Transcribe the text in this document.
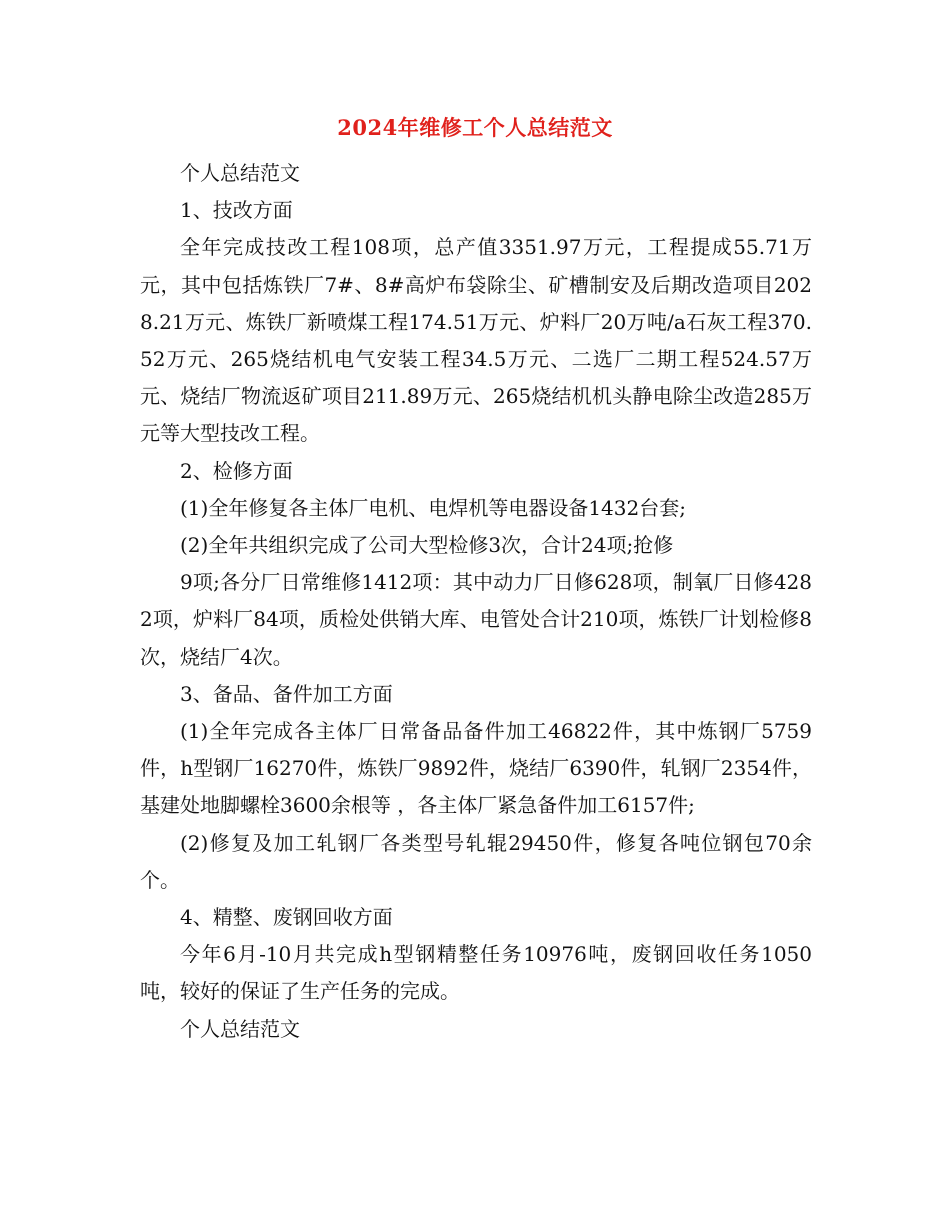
2024年维修工个人总结范文

个人总结范文

1、技改方面

全年完成技改工程108项，总产值3351.97万元，工程提成55.71万元，其中包括炼铁厂7#、8#高炉布袋除尘、矿槽制安及后期改造项目2028.21万元、炼铁厂新喷煤工程174.51万元、炉料厂20万吨/a石灰工程370.52万元、265烧结机电气安装工程34.5万元、二选厂二期工程524.57万元、烧结厂物流返矿项目211.89万元、265烧结机机头静电除尘改造285万元等大型技改工程。

2、检修方面

(1)全年修复各主体厂电机、电焊机等电器设备1432台套;

(2)全年共组织完成了公司大型检修3次，合计24项;抢修

9项;各分厂日常维修1412项：其中动力厂日修628项，制氧厂日修4282项，炉料厂84项，质检处供销大库、电管处合计210项，炼铁厂计划检修8次，烧结厂4次。

3、备品、备件加工方面

(1)全年完成各主体厂日常备品备件加工46822件，其中炼钢厂5759件，h型钢厂16270件，炼铁厂9892件，烧结厂6390件，轧钢厂2354件，基建处地脚螺栓3600余根等 ，各主体厂紧急备件加工6157件;

(2)修复及加工轧钢厂各类型号轧辊29450件，修复各吨位钢包70余个。

4、精整、废钢回收方面

今年6月-10月共完成h型钢精整任务10976吨，废钢回收任务1050吨，较好的保证了生产任务的完成。

个人总结范文
